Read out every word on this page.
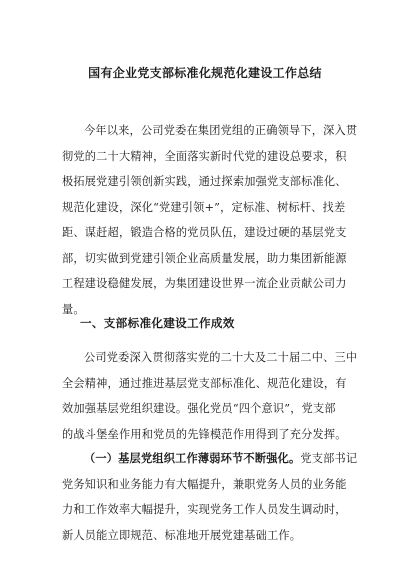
国有企业党支部标准化规范化建设工作总结
今年以来，公司党委在集团党组的正确领导下，深入贯
彻党的二十大精神，全面落实新时代党的建设总要求，积
极拓展党建引领创新实践，通过探索加强党支部标准化、
规范化建设，深化“党建引领+”，定标准、树标杆、找差
距、谋赶超，锻造合格的党员队伍，建设过硬的基层党支
部，切实做到党建引领企业高质量发展，助力集团新能源
工程建设稳健发展，为集团建设世界一流企业贡献公司力
量。
一、支部标准化建设工作成效
公司党委深入贯彻落实党的二十大及二十届二中、三中
全会精神，通过推进基层党支部标准化、规范化建设，有
效加强基层党组织建设。强化党员“四个意识”，党支部
的战斗堡垒作用和党员的先锋模范作用得到了充分发挥。
（一）基层党组织工作薄弱环节不断强化。党支部书记
党务知识和业务能力有大幅提升，兼职党务人员的业务能
力和工作效率大幅提升，实现党务工作人员发生调动时，
新人员能立即规范、标准地开展党建基础工作。
